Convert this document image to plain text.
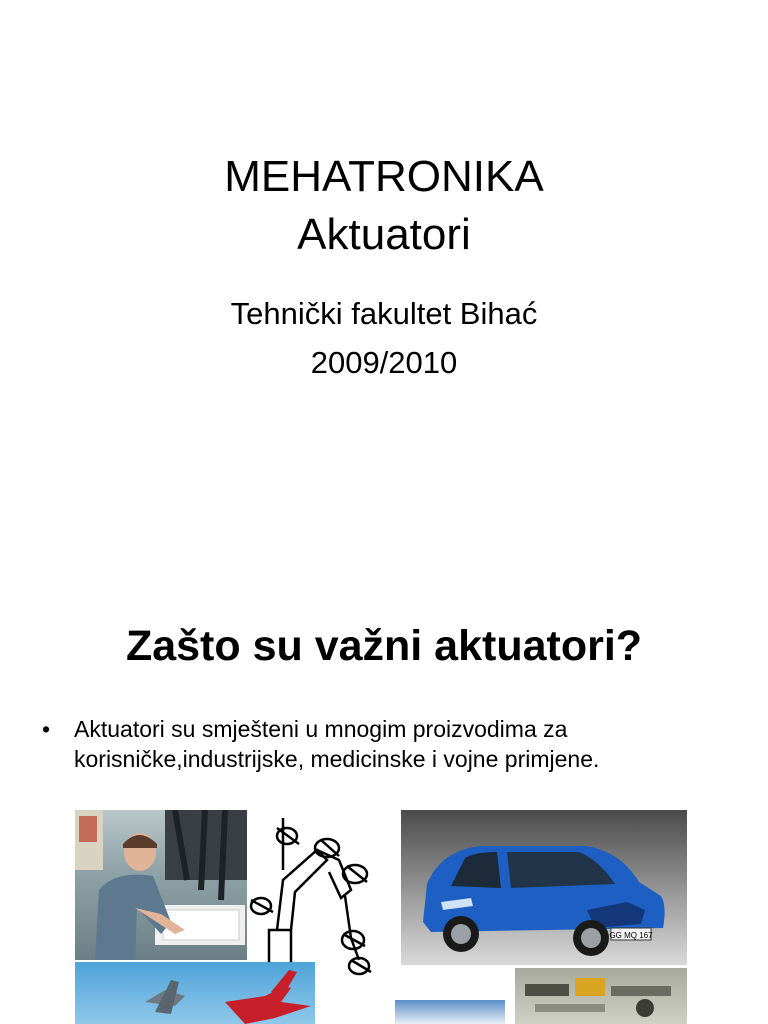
MEHATRONIKA
Aktuatori
Tehnički fakultet Bihać
2009/2010
Zašto su važni aktuatori?
•	Aktuatori su smješteni u mnogim proizvodima za korisničke,industrijske, medicinske i vojne primjene.
GG MQ 167
